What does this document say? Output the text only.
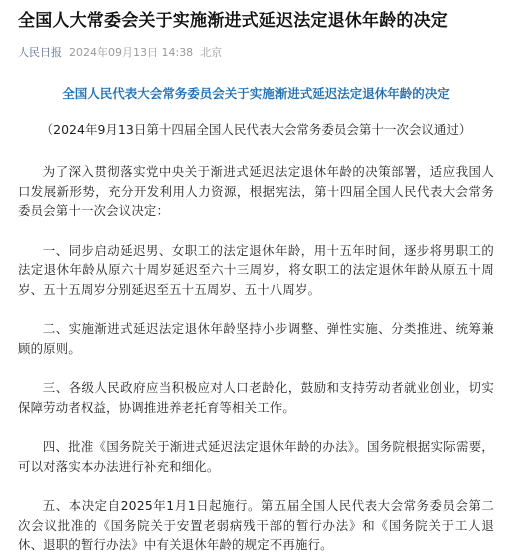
全国人大常委会关于实施渐进式延迟法定退休年龄的决定
人民日报 2024年09月13日 14:38 北京
全国人民代表大会常务委员会关于实施渐进式延迟法定退休年龄的决定
（2024年9月13日第十四届全国人民代表大会常务委员会第十一次会议通过）

为了深入贯彻落实党中央关于渐进式延迟法定退休年龄的决策部署，适应我国人口发展新形势，充分开发利用人力资源，根据宪法，第十四届全国人民代表大会常务委员会第十一次会议决定：

一、同步启动延迟男、女职工的法定退休年龄，用十五年时间，逐步将男职工的法定退休年龄从原六十周岁延迟至六十三周岁，将女职工的法定退休年龄从原五十周岁、五十五周岁分别延迟至五十五周岁、五十八周岁。

二、实施渐进式延迟法定退休年龄坚持小步调整、弹性实施、分类推进、统筹兼顾的原则。

三、各级人民政府应当积极应对人口老龄化，鼓励和支持劳动者就业创业，切实保障劳动者权益，协调推进养老托育等相关工作。

四、批准《国务院关于渐进式延迟法定退休年龄的办法》。国务院根据实际需要，可以对落实本办法进行补充和细化。

五、本决定自2025年1月1日起施行。第五届全国人民代表大会常务委员会第二次会议批准的《国务院关于安置老弱病残干部的暂行办法》和《国务院关于工人退休、退职的暂行办法》中有关退休年龄的规定不再施行。
